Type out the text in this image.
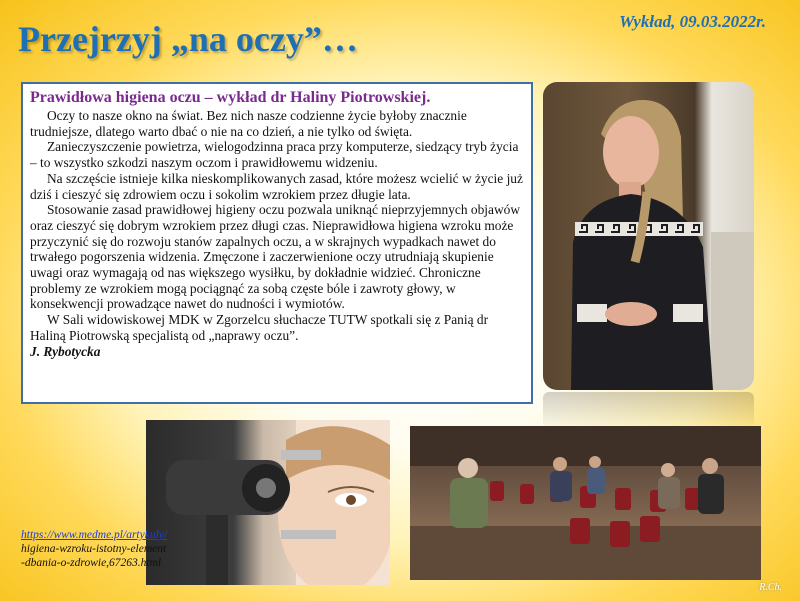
Przejrzyj „na oczy”…	Wykład, 09.03.2022r.
Prawidłowa higiena oczu – wykład dr Haliny Piotrowskiej.

Oczy to nasze okno na świat. Bez nich nasze codzienne życie byłoby znacznie trudniejsze, dlatego warto dbać o nie na co dzień, a nie tylko od święta.

Zanieczyszczenie powietrza, wielogodzinna praca przy komputerze, siedzący tryb życia – to wszystko szkodzi naszym oczom i prawidłowemu widzeniu.

Na szczęście istnieje kilka nieskomplikowanych zasad, które możesz wcielić w życie już dziś i cieszyć się zdrowiem oczu i sokolim wzrokiem przez długie lata.

Stosowanie zasad prawidłowej higieny oczu pozwala uniknąć nieprzyjemnych objawów oraz cieszyć się dobrym wzrokiem przez długi czas. Nieprawidłowa higiena wzroku może przyczynić się do rozwoju stanów zapalnych oczu, a w skrajnych wypadkach nawet do trwałego pogorszenia widzenia. Zmęczone i zaczerwienione oczy utrudniają skupienie uwagi oraz wymagają od nas większego wysiłku, by dokładnie widzieć. Chroniczne problemy ze wzrokiem mogą pociągnąć za sobą częste bóle i zawroty głowy, w konsekwencji prowadzące nawet do nudności i wymiotów.

W Sali widowiskowej MDK w Zgorzelcu słuchacze TUTW spotkali się z Panią dr Haliną Piotrowską specjalistą od „naprawy oczu”.

J. Rybotycka
https://www.medme.pl/artykuly/
higiena-wzroku-istotny-element
-dbania-o-zdrowie,67263.html
R.Ch.
